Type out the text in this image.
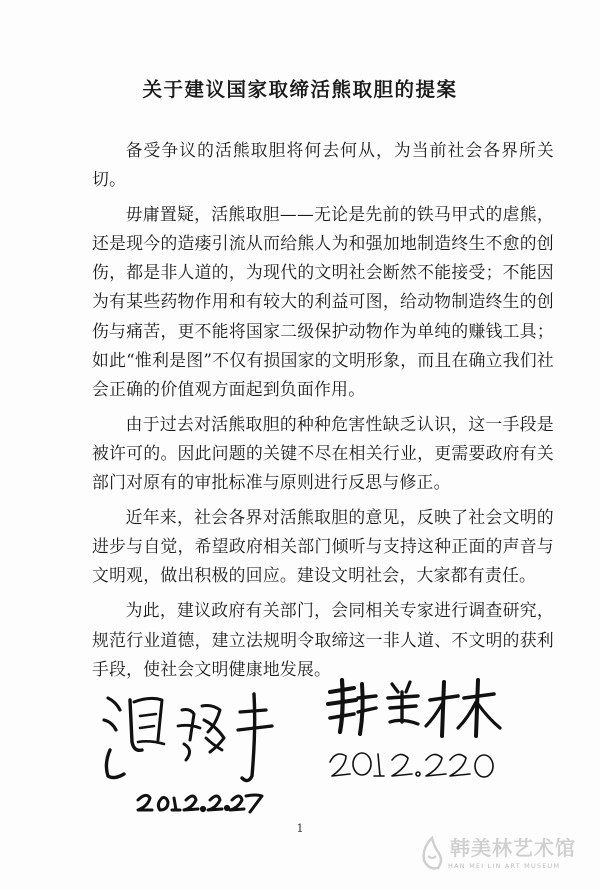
关于建议国家取缔活熊取胆的提案

备受争议的活熊取胆将何去何从，为当前社会各界所关切。

毋庸置疑，活熊取胆——无论是先前的铁马甲式的虐熊，还是现今的造瘘引流从而给熊人为和强加地制造终生不愈的创伤，都是非人道的，为现代的文明社会断然不能接受；不能因为有某些药物作用和有较大的利益可图，给动物制造终生的创伤与痛苦，更不能将国家二级保护动物作为单纯的赚钱工具；如此“惟利是图”不仅有损国家的文明形象，而且在确立我们社会正确的价值观方面起到负面作用。

由于过去对活熊取胆的种种危害性缺乏认识，这一手段是被许可的。因此问题的关键不尽在相关行业，更需要政府有关部门对原有的审批标准与原则进行反思与修正。

近年来，社会各界对活熊取胆的意见，反映了社会文明的进步与自觉，希望政府相关部门倾听与支持这种正面的声音与文明观，做出积极的回应。建设文明社会，大家都有责任。

为此，建议政府有关部门，会同相关专家进行调查研究，规范行业道德，建立法规明令取缔这一非人道、不文明的获利手段，使社会文明健康地发展。

1
韩美林艺术馆
HAN MEI LIN ART MUSEUM
